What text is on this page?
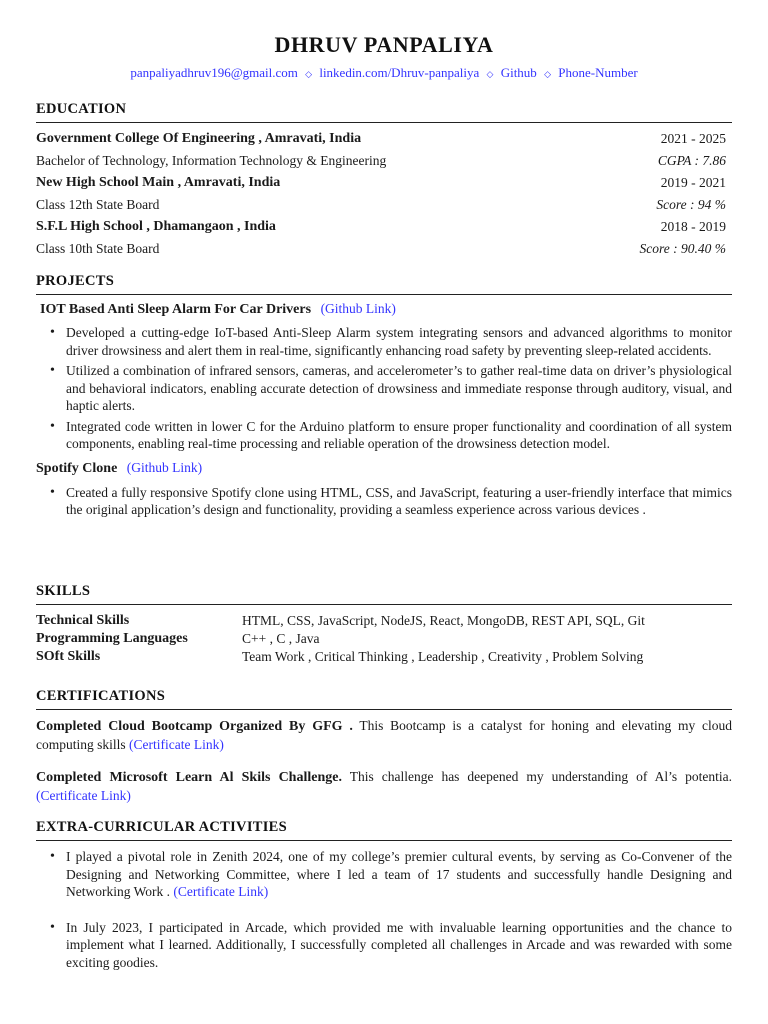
DHRUV PANPALIYA
panpaliyadhruv196@gmail.com ◇ linkedin.com/Dhruv-panpaliya ◇ Github ◇ Phone-Number
EDUCATION
Government College Of Engineering , Amravati, India	2021 - 2025
Bachelor of Technology, Information Technology & Engineering	CGPA : 7.86
New High School Main , Amravati, India	2019 - 2021
Class 12th State Board	Score : 94 %
S.F.L High School , Dhamangaon , India	2018 - 2019
Class 10th State Board	Score : 90.40 %
PROJECTS
IOT Based Anti Sleep Alarm For Car Drivers (Github Link)
• Developed a cutting-edge IoT-based Anti-Sleep Alarm system integrating sensors and advanced algorithms to monitor driver drowsiness and alert them in real-time, significantly enhancing road safety by preventing sleep-related accidents.
• Utilized a combination of infrared sensors, cameras, and accelerometer’s to gather real-time data on driver’s physiological and behavioral indicators, enabling accurate detection of drowsiness and immediate response through auditory, visual, and haptic alerts.
• Integrated code written in lower C for the Arduino platform to ensure proper functionality and coordination of all system components, enabling real-time processing and reliable operation of the drowsiness detection model.
Spotify Clone (Github Link)
• Created a fully responsive Spotify clone using HTML, CSS, and JavaScript, featuring a user-friendly interface that mimics the original application’s design and functionality, providing a seamless experience across various devices .
SKILLS
Technical Skills	HTML, CSS, JavaScript, NodeJS, React, MongoDB, REST API, SQL, Git
Programming Languages	C++ , C , Java
SOft Skills	Team Work , Critical Thinking , Leadership , Creativity , Problem Solving
CERTIFICATIONS
Completed Cloud Bootcamp Organized By GFG . This Bootcamp is a catalyst for honing and elevating my cloud computing skills (Certificate Link)
Completed Microsoft Learn Al Skils Challenge. This challenge has deepened my understanding of Al’s potentia. (Certificate Link)
EXTRA-CURRICULAR ACTIVITIES
• I played a pivotal role in Zenith 2024, one of my college’s premier cultural events, by serving as Co-Convener of the Designing and Networking Committee, where I led a team of 17 students and successfully handle Designing and Networking Work . (Certificate Link)
• In July 2023, I participated in Arcade, which provided me with invaluable learning opportunities and the chance to implement what I learned. Additionally, I successfully completed all challenges in Arcade and was rewarded with some exciting goodies.
